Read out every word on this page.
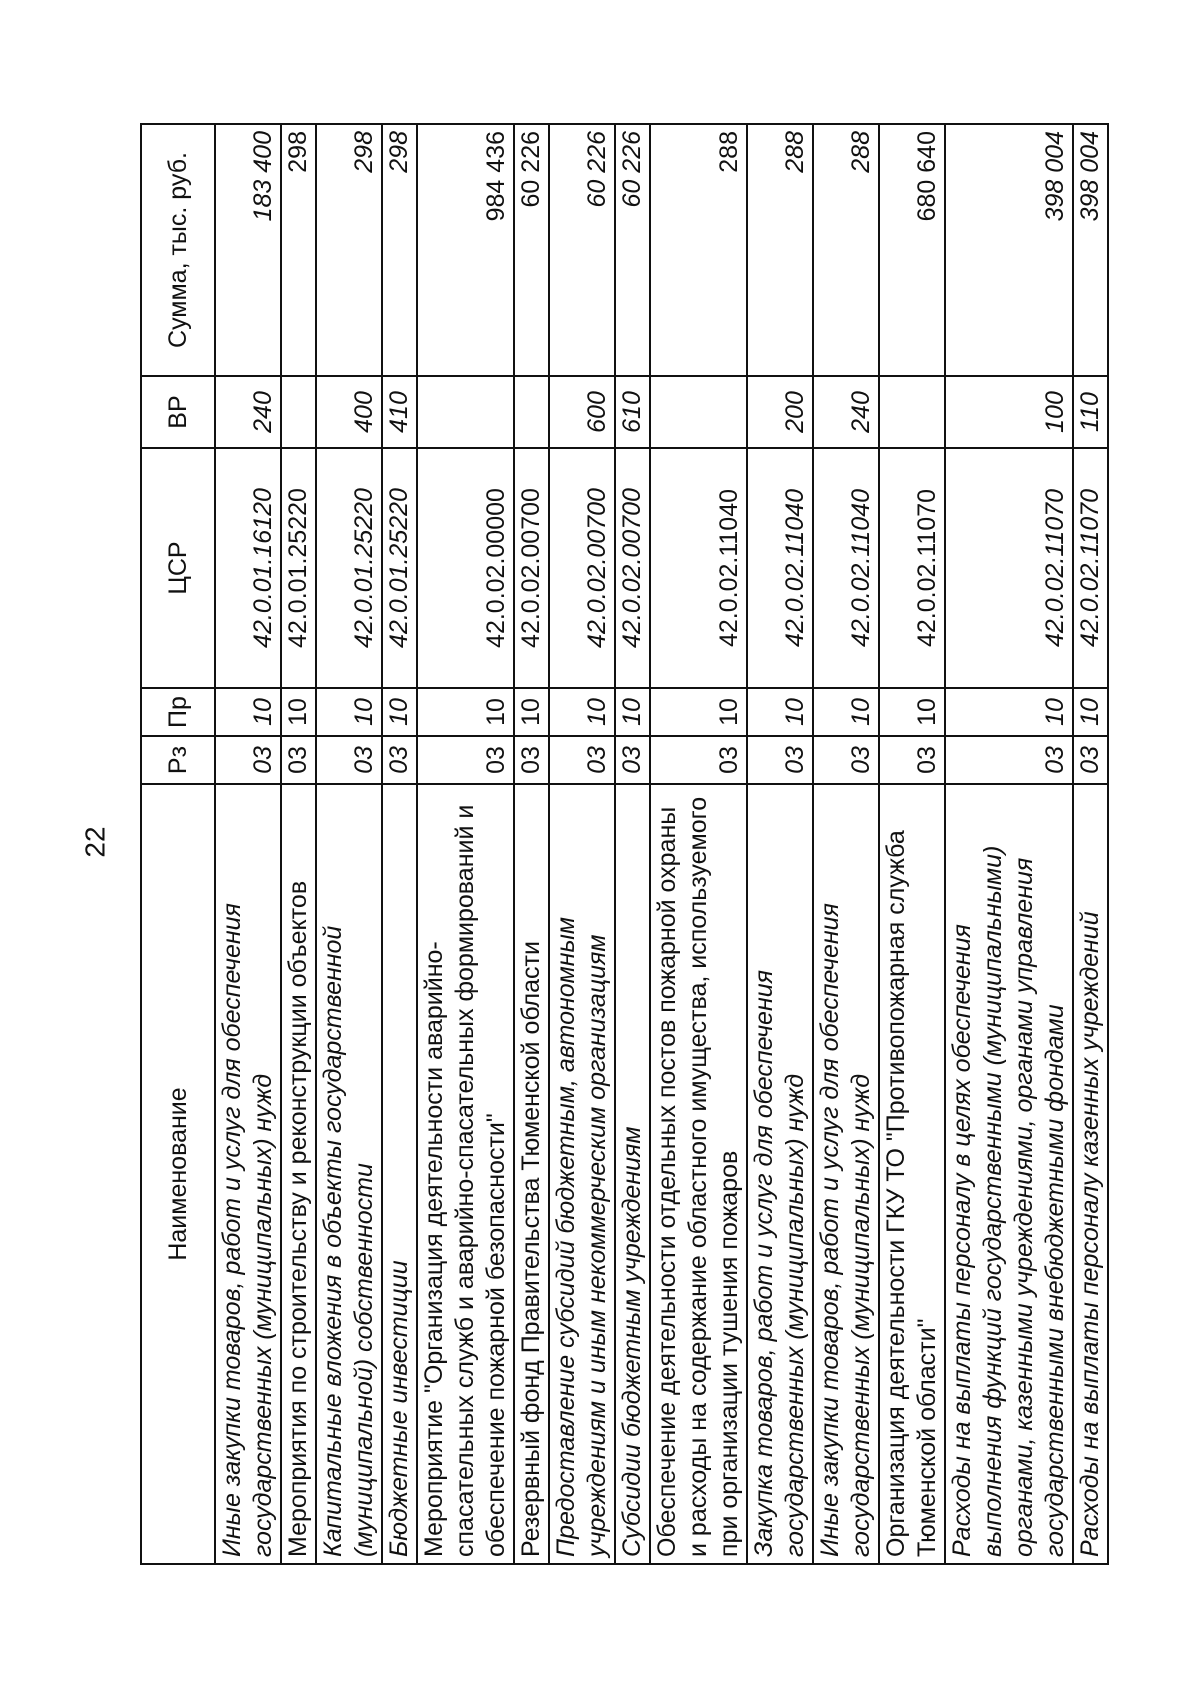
22
Наименование	Рз	Пр	ЦСР	ВР	Сумма, тыс. руб.
Иные закупки товаров, работ и услуг для обеспечения государственных (муниципальных) нужд	03	10	42.0.01.16120	240	183 400
Мероприятия по строительству и реконструкции объектов	03	10	42.0.01.25220		298
Капитальные вложения в объекты государственной (муниципальной) собственности	03	10	42.0.01.25220	400	298
Бюджетные инвестиции	03	10	42.0.01.25220	410	298
Мероприятие "Организация деятельности аварийно-спасательных служб и аварийно-спасательных формирований и обеспечение пожарной безопасности"	03	10	42.0.02.00000		984 436
Резервный фонд Правительства Тюменской области	03	10	42.0.02.00700		60 226
Предоставление субсидий бюджетным, автономным учреждениям и иным некоммерческим организациям	03	10	42.0.02.00700	600	60 226
Субсидии бюджетным учреждениям	03	10	42.0.02.00700	610	60 226
Обеспечение деятельности отдельных постов пожарной охраны и расходы на содержание областного имущества, используемого при организации тушения пожаров	03	10	42.0.02.11040		288
Закупка товаров, работ и услуг для обеспечения государственных (муниципальных) нужд	03	10	42.0.02.11040	200	288
Иные закупки товаров, работ и услуг для обеспечения государственных (муниципальных) нужд	03	10	42.0.02.11040	240	288
Организация деятельности ГКУ ТО "Противопожарная служба Тюменской области"	03	10	42.0.02.11070		680 640
Расходы на выплаты персоналу в целях обеспечения выполнения функций государственными (муниципальными) органами, казенными учреждениями, органами управления государственными внебюджетными фондами	03	10	42.0.02.11070	100	398 004
Расходы на выплаты персоналу казенных учреждений	03	10	42.0.02.11070	110	398 004
